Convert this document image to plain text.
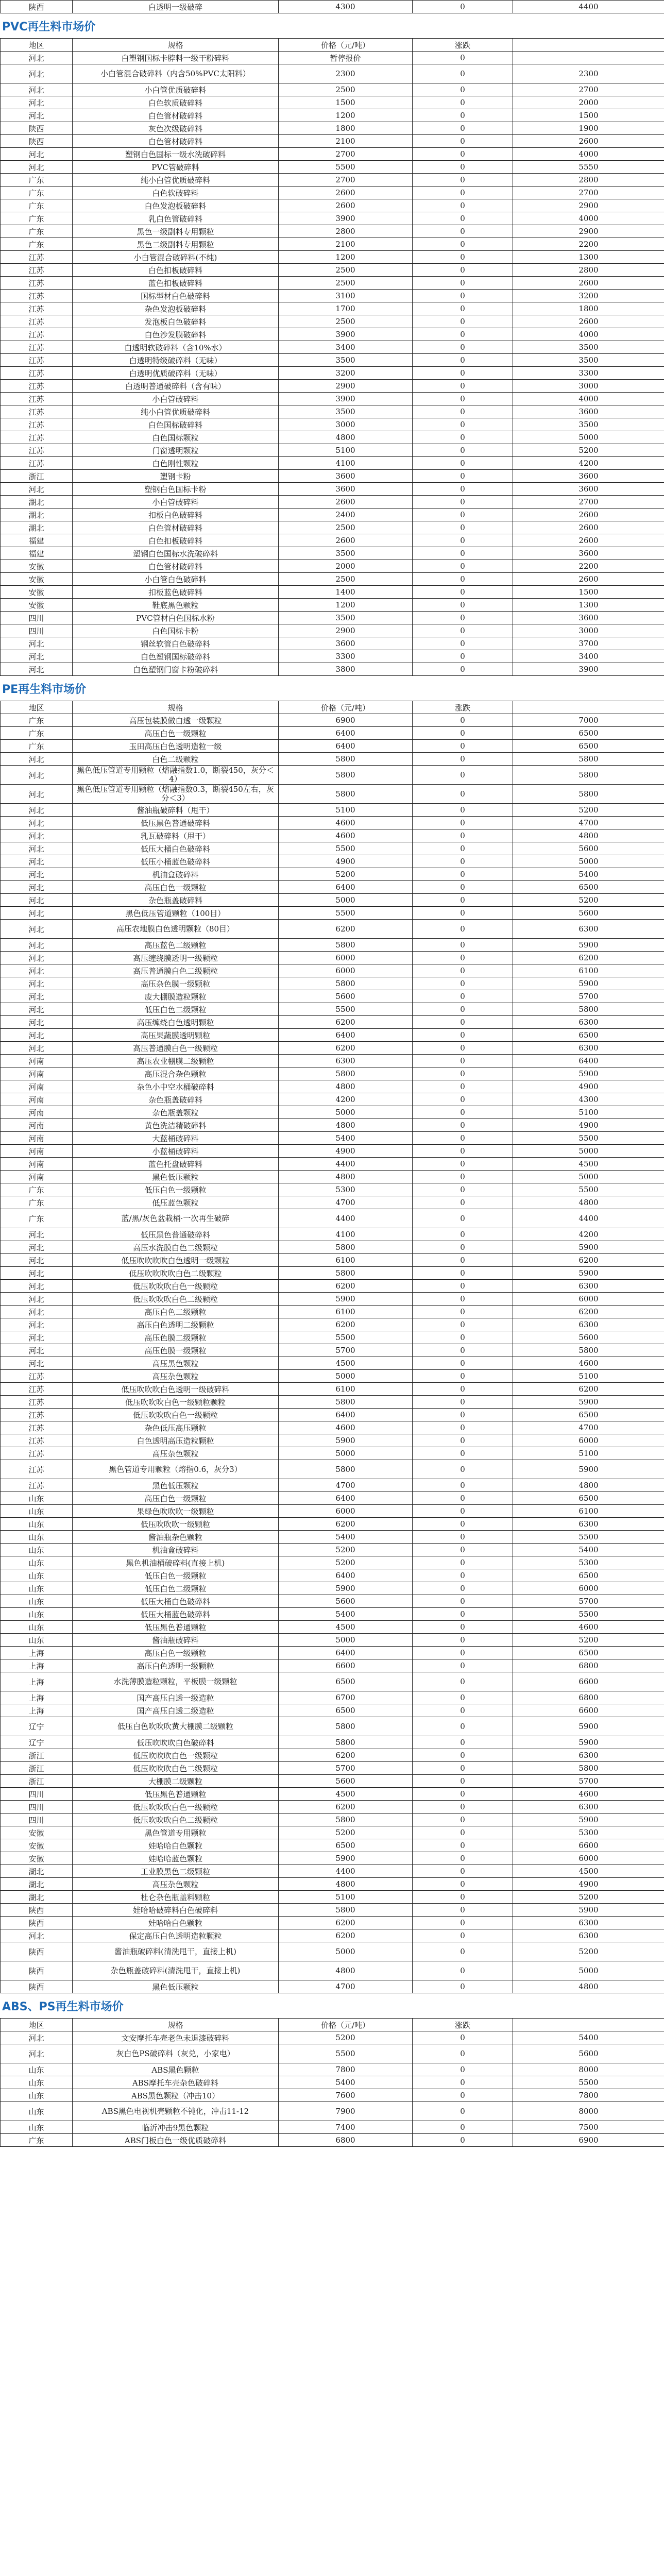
陕西	白透明一级破碎	4300	0	4400	
PVC再生料市场价
地区	规格	价格（元/吨）	涨跌		
河北	白塑钢国标卡脖料一级干粉碎料	暂停报价	0		
河北	小白管混合破碎料（内含50%PVC太阳料）	2300	0	2300	
河北	小白管优质破碎料	2500	0	2700	
河北	白色软质破碎料	1500	0	2000	
河北	白色管材破碎料	1200	0	1500	
陕西	灰色次级破碎料	1800	0	1900	
陕西	白色管材破碎料	2100	0	2600	
河北	塑钢白色国标一级水洗破碎料	2700	0	4000	
河北	PVC管破碎料	5500	0	5550	
广东	纯小白管优质破碎料	2700	0	2800	
广东	白色软破碎料	2600	0	2700	
广东	白色发泡板破碎料	2600	0	2900	
广东	乳白色管破碎料	3900	0	4000	
广东	黑色一级副料专用颗粒	2800	0	2900	
广东	黑色二级副料专用颗粒	2100	0	2200	
江苏	小白管混合破碎料(不纯)	1200	0	1300	
江苏	白色扣板破碎料	2500	0	2800	
江苏	蓝色扣板破碎料	2500	0	2600	
江苏	国标型材白色破碎料	3100	0	3200	
江苏	杂色发泡板破碎料	1700	0	1800	
江苏	发泡板白色破碎料	2500	0	2600	
江苏	白色沙发膜破碎料	3900	0	4000	
江苏	白透明软破碎料（含10%水）	3400	0	3500	
江苏	白透明特级破碎料（无味）	3500	0	3500	
江苏	白透明优质破碎料（无味）	3200	0	3300	
江苏	白透明普通破碎料（含有味）	2900	0	3000	
江苏	小白管破碎料	3900	0	4000	
江苏	纯小白管优质破碎料	3500	0	3600	
江苏	白色国标破碎料	3000	0	3500	
江苏	白色国标颗粒	4800	0	5000	
江苏	门窗透明颗粒	5100	0	5200	
江苏	白色刚性颗粒	4100	0	4200	
浙江	塑钢卡粉	3600	0	3600	
河北	塑钢白色国标卡粉	3600	0	3600	
湖北	小白管破碎料	2600	0	2700	
湖北	扣板白色破碎料	2400	0	2600	
湖北	白色管材破碎料	2500	0	2600	
福建	白色扣板破碎料	2600	0	2600	
福建	塑钢白色国标水洗破碎料	3500	0	3600	
安徽	白色管材破碎料	2000	0	2200	
安徽	小白管白色破碎料	2500	0	2600	
安徽	扣板蓝色破碎料	1400	0	1500	
安徽	鞋底黑色颗粒	1200	0	1300	
四川	PVC管材白色国标水粉	3500	0	3600	
四川	白色国标卡粉	2900	0	3000	
河北	钢丝软管白色破碎料	3600	0	3700	
河北	白色塑钢国标破碎料	3300	0	3400	
河北	白色塑钢门窗卡粉破碎料	3800	0	3900	
PE再生料市场价
地区	规格	价格（元/吨）	涨跌		
广东	高压包装膜做白透一级颗粒	6900	0	7000	
广东	高压白色一级颗粒	6400	0	6500	
广东	玉田高压白色透明造粒一级	6400	0	6500	
河北	白色二级颗粒	5800	0	5800	
河北	黑色低压管道专用颗粒（熔融指数1.0，断裂450，灰分＜4）	5800	0	5800	
河北	黑色低压管道专用颗粒（熔融指数0.3，断裂450左右，灰分＜3）	5800	0	5800	
河北	酱油瓶破碎料（甩干）	5100	0	5200	
河北	低压黑色普通破碎料	4600	0	4700	
河北	乳瓦破碎料（甩干）	4600	0	4800	
河北	低压大桶白色破碎料	5500	0	5600	
河北	低压小桶蓝色破碎料	4900	0	5000	
河北	机油盒破碎料	5200	0	5400	
河北	高压白色一级颗粒	6400	0	6500	
河北	杂色瓶盖破碎料	5000	0	5200	
河北	黑色低压管道颗粒（100目）	5500	0	5600	
河北	高压农地膜白色透明颗粒（80目）	6200	0	6300	
河北	高压蓝色二级颗粒	5800	0	5900	
河北	高压缠绕膜透明一级颗粒	6000	0	6200	
河北	高压普通膜白色二级颗粒	6000	0	6100	
河北	高压杂色膜一级颗粒	5800	0	5900	
河北	废大棚膜造粒颗粒	5600	0	5700	
河北	低压白色二级颗粒	5500	0	5800	
河北	高压缠绕白色透明颗粒	6200	0	6300	
河北	高压果蔬膜透明颗粒	6400	0	6500	
河北	高压普通膜白色一级颗粒	6200	0	6300	
河南	高压农业棚膜二级颗粒	6300	0	6400	
河南	高压混合杂色颗粒	5800	0	5900	
河南	杂色小中空水桶破碎料	4800	0	4900	
河南	杂色瓶盖破碎料	4200	0	4300	
河南	杂色瓶盖颗粒	5000	0	5100	
河南	黄色洗洁精破碎料	4800	0	4900	
河南	大蓝桶破碎料	5400	0	5500	
河南	小蓝桶破碎料	4900	0	5000	
河南	蓝色托盘破碎料	4400	0	4500	
河南	黑色低压颗粒	4800	0	5000	
广东	低压白色一级颗粒	5300	0	5500	
广东	低压蓝色颗粒	4700	0	4800	
广东	蓝/黑/灰色盆栽桶·一次再生破碎	4400	0	4400	
河北	低压黑色普通破碎料	4100	0	4200	
河北	高压水洗膜白色二级颗粒	5800	0	5900	
河北	低压吹吹吹吹白色透明一级颗粒	6100	0	6200	
河北	低压吹吹吹吹白色二级颗粒	5800	0	5900	
河北	低压吹吹吹白色一级颗粒	6200	0	6300	
河北	低压吹吹吹白色二级颗粒	5900	0	6000	
河北	高压白色二级颗粒	6100	0	6200	
河北	高压白色透明二级颗粒	6200	0	6300	
河北	高压色膜二级颗粒	5500	0	5600	
河北	高压色膜一级颗粒	5700	0	5800	
河北	高压黑色颗粒	4500	0	4600	
江苏	高压杂色颗粒	5000	0	5100	
江苏	低压吹吹吹白色透明一级破碎料	6100	0	6200	
江苏	低压吹吹吹白色一级颗粒颗粒	5800	0	5900	
江苏	低压吹吹吹白色一级颗粒	6400	0	6500	
江苏	杂色低压高压颗粒	4600	0	4700	
江苏	白色透明高压造粒颗粒	5900	0	6000	
江苏	高压杂色颗粒	5000	0	5100	
江苏	黑色管道专用颗粒（熔指0.6，灰分3）	5800	0	5900	
江苏	黑色低压颗粒	4700	0	4800	
山东	高压白色一级颗粒	6400	0	6500	
山东	果绿色吹吹吹一级颗粒	6000	0	6100	
山东	低压吹吹吹一级颗粒	6200	0	6300	
山东	酱油瓶杂色颗粒	5400	0	5500	
山东	机油盒破碎料	5200	0	5400	
山东	黑色机油桶破碎料(直接上机)	5200	0	5300	
山东	低压白色一级颗粒	6400	0	6500	
山东	低压白色二级颗粒	5900	0	6000	
山东	低压大桶白色破碎料	5600	0	5700	
山东	低压大桶蓝色破碎料	5400	0	5500	
山东	低压黑色普通颗粒	4500	0	4600	
山东	酱油瓶破碎料	5000	0	5200	
上海	高压白色一级颗粒	6400	0	6500	
上海	高压白色透明一级颗粒	6600	0	6800	
上海	水洗薄膜造粒颗粒，平板膜一级颗粒	6500	0	6600	
上海	国产高压白透一级造粒	6700	0	6800	
上海	国产高压白透二级造粒	6500	0	6600	
辽宁	低压白色吹吹吹黄大棚膜二级颗粒	5800	0	5900	
辽宁	低压吹吹吹白色破碎料	5800	0	5900	
浙江	低压吹吹吹白色一级颗粒	6200	0	6300	
浙江	低压吹吹吹白色二级颗粒	5700	0	5800	
浙江	大棚膜二级颗粒	5600	0	5700	
四川	低压黑色普通颗粒	4500	0	4600	
四川	低压吹吹吹白色一级颗粒	6200	0	6300	
四川	低压吹吹吹白色二级颗粒	5800	0	5900	
安徽	黑色管道专用颗粒	5200	0	5300	
安徽	娃哈哈白色颗粒	6500	0	6600	
安徽	娃哈哈蓝色颗粒	5900	0	6000	
湖北	工业膜黑色二级颗粒	4400	0	4500	
湖北	高压杂色颗粒	4800	0	4900	
湖北	杜仑杂色瓶盖料颗粒	5100	0	5200	
陕西	娃哈哈破碎料白色破碎料	5800	0	5900	
陕西	娃哈哈白色颗粒	6200	0	6300	
河北	保定高压白色透明造粒颗粒	6200	0	6300	
陕西	酱油瓶破碎料(清洗甩干，直接上机)	5000	0	5200	
陕西	杂色瓶盖破碎料(清洗甩干，直接上机)	4800	0	5000	
陕西	黑色低压颗粒	4700	0	4800	
ABS、PS再生料市场价
地区	规格	价格（元/吨）	涨跌		
河北	文安摩托车壳老色未退漆破碎料	5200	0	5400	
河北	灰白色PS破碎料（灰兑，小家电）	5500	0	5600	
山东	ABS黑色颗粒	7800	0	8000	
山东	ABS摩托车壳杂色破碎料	5400	0	5500	
山东	ABS黑色颗粒（冲击10）	7600	0	7800	
山东	ABS黑色电视机壳颗粒不钝化，冲击11-12	7900	0	8000	
山东	临沂冲击9黑色颗粒	7400	0	7500	
广东	ABS门板白色一级优质破碎料	6800	0	6900	
